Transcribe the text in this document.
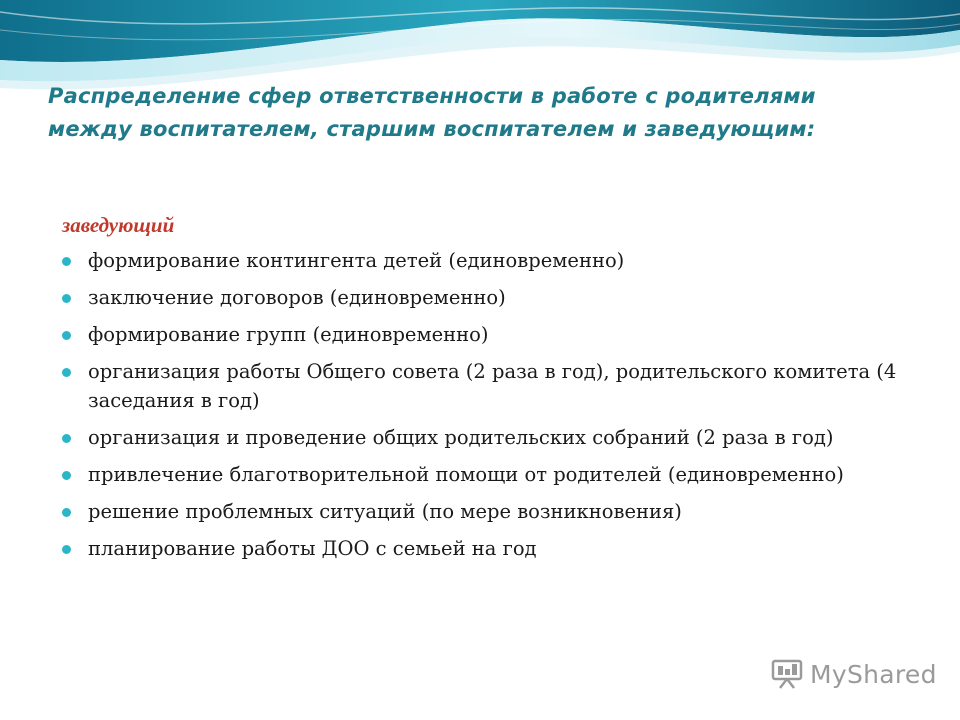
Распределение сфер ответственности в работе с родителями
между воспитателем, старшим воспитателем и заведующим:
заведующий
формирование контингента детей (единовременно)
заключение договоров (единовременно)
формирование групп (единовременно)
организация работы Общего совета (2 раза в год), родительского комитета (4 заседания в год)
организация и проведение общих родительских собраний (2 раза в год)
привлечение благотворительной помощи от родителей (единовременно)
решение проблемных ситуаций (по мере возникновения)
планирование работы ДОО с семьей на год
MyShared
